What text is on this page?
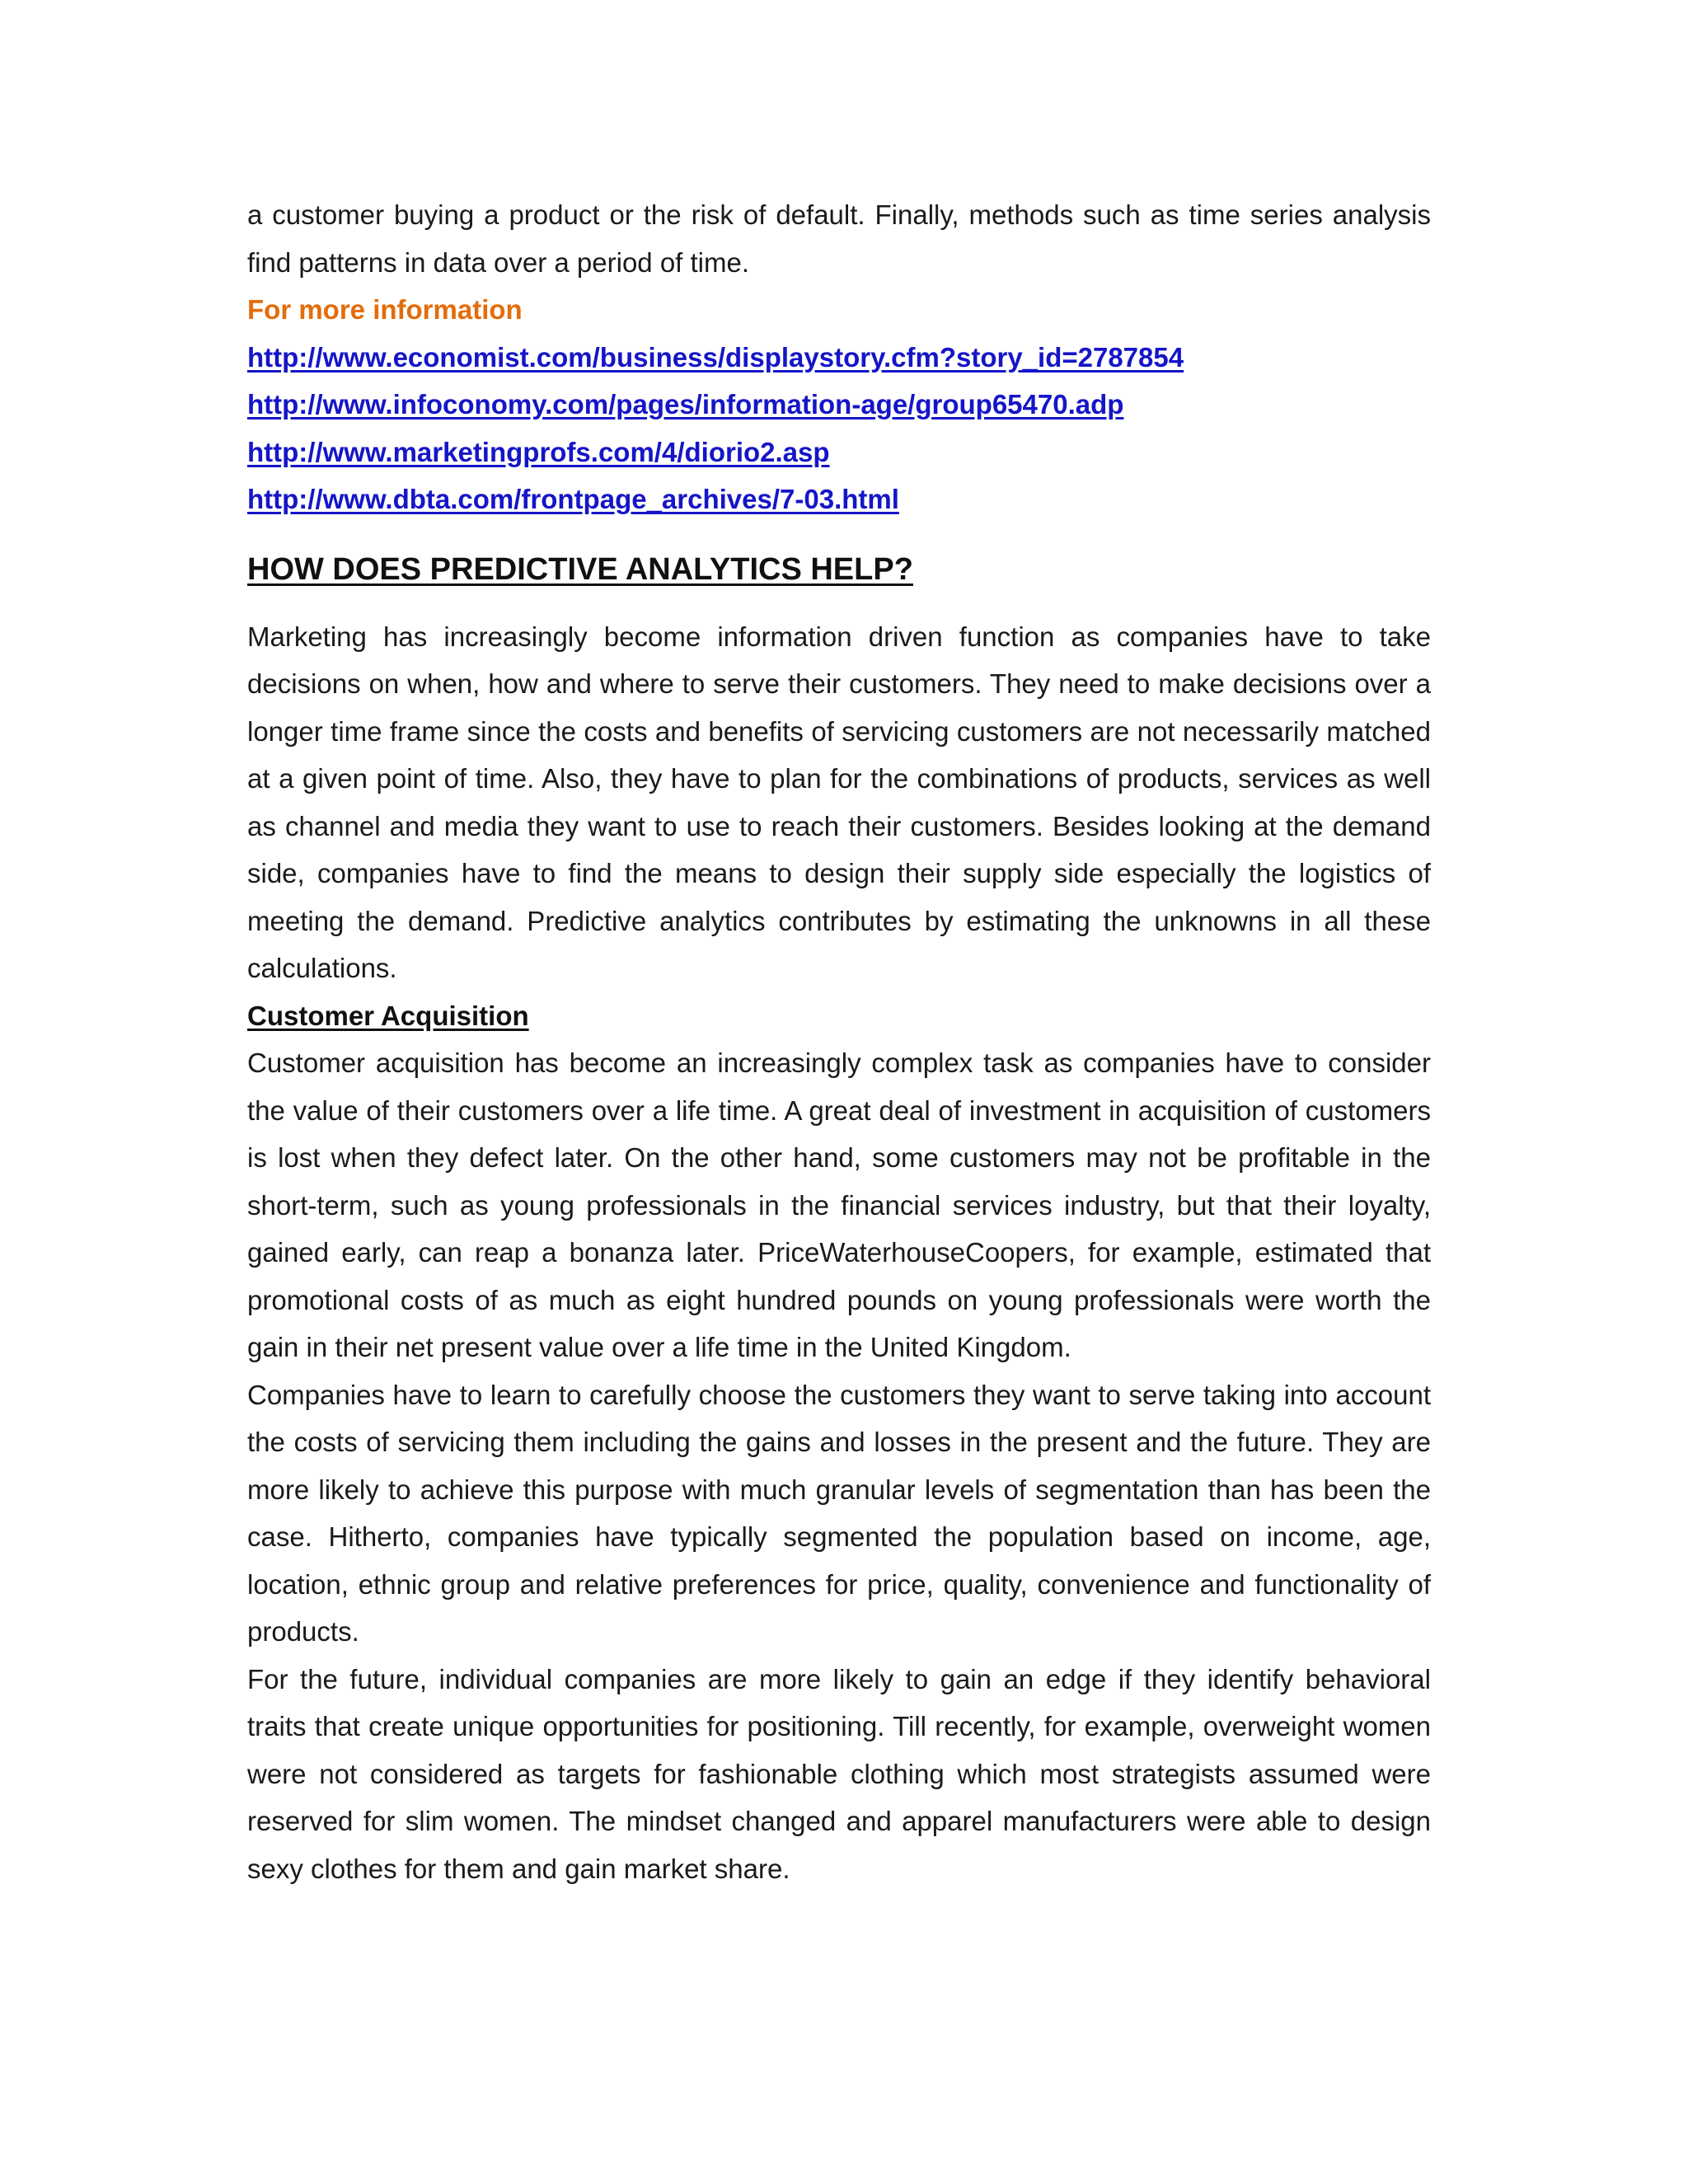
a customer buying a product or the risk of default. Finally, methods such as time series analysis find patterns in data over a period of time.

For more information

http://www.economist.com/business/displaystory.cfm?story_id=2787854
http://www.infoconomy.com/pages/information-age/group65470.adp
http://www.marketingprofs.com/4/diorio2.asp
http://www.dbta.com/frontpage_archives/7-03.html
HOW DOES PREDICTIVE ANALYTICS HELP?

Marketing has increasingly become information driven function as companies have to take decisions on when, how and where to serve their customers. They need to make decisions over a longer time frame since the costs and benefits of servicing customers are not necessarily matched at a given point of time. Also, they have to plan for the combinations of products, services as well as channel and media they want to use to reach their customers. Besides looking at the demand side, companies have to find the means to design their supply side especially the logistics of meeting the demand. Predictive analytics contributes by estimating the unknowns in all these calculations.

Customer Acquisition

Customer acquisition has become an increasingly complex task as companies have to consider the value of their customers over a life time. A great deal of investment in acquisition of customers is lost when they defect later. On the other hand, some customers may not be profitable in the short-term, such as young professionals in the financial services industry, but that their loyalty, gained early, can reap a bonanza later. PriceWaterhouseCoopers, for example, estimated that promotional costs of as much as eight hundred pounds on young professionals were worth the gain in their net present value over a life time in the United Kingdom.

Companies have to learn to carefully choose the customers they want to serve taking into account the costs of servicing them including the gains and losses in the present and the future. They are more likely to achieve this purpose with much granular levels of segmentation than has been the case. Hitherto, companies have typically segmented the population based on income, age, location, ethnic group and relative preferences for price, quality, convenience and functionality of products.

For the future, individual companies are more likely to gain an edge if they identify behavioral traits that create unique opportunities for positioning. Till recently, for example, overweight women were not considered as targets for fashionable clothing which most strategists assumed were reserved for slim women. The mindset changed and apparel manufacturers were able to design sexy clothes for them and gain market share.
